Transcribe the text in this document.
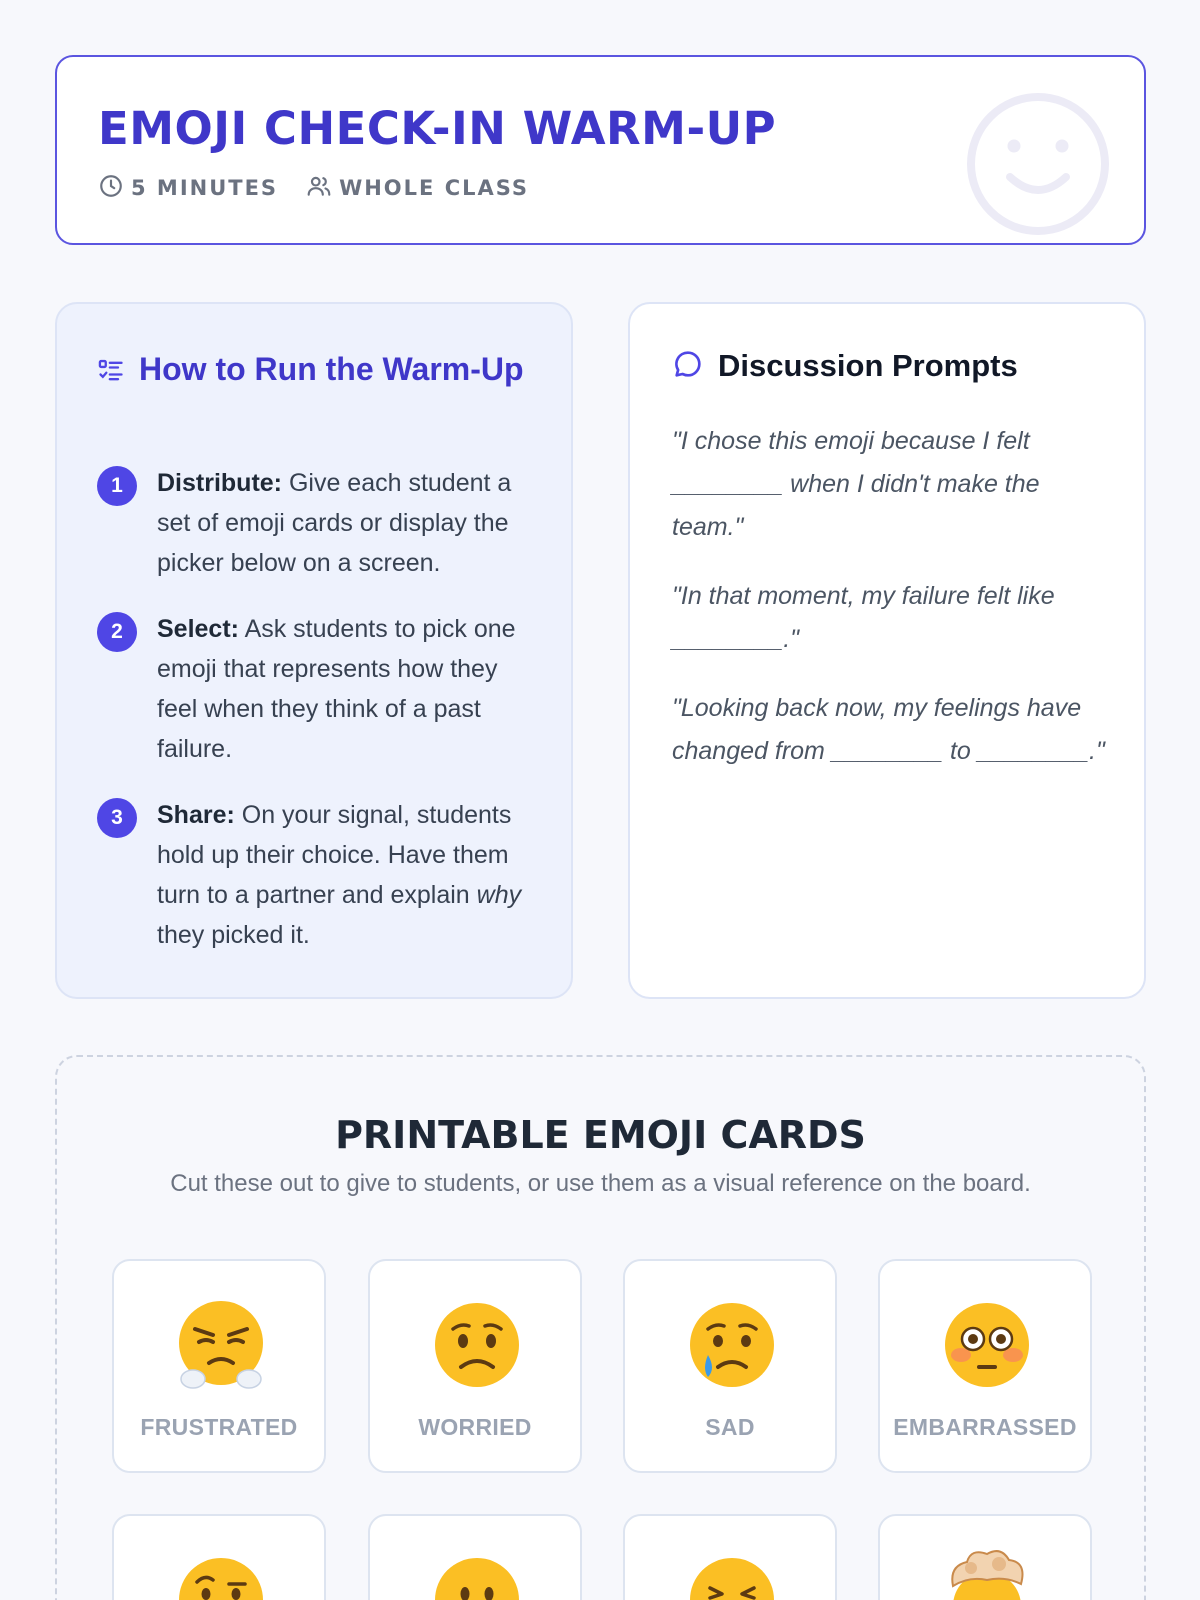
EMOJI CHECK-IN WARM-UP
5 MINUTES	WHOLE CLASS
How to Run the Warm-Up
1	Distribute: Give each student a set of emoji cards or display the picker below on a screen.

2	Select: Ask students to pick one emoji that represents how they feel when they think of a past failure.

3	Share: On your signal, students hold up their choice. Have them turn to a partner and explain why they picked it.

Discussion Prompts

"I chose this emoji because I felt ________ when I didn't make the team."

"In that moment, my failure felt like ________."

"Looking back now, my feelings have changed from ________ to ________."

PRINTABLE EMOJI CARDS

Cut these out to give to students, or use them as a visual reference on the board.

FRUSTRATED	WORRIED	SAD	EMBARRASSED
